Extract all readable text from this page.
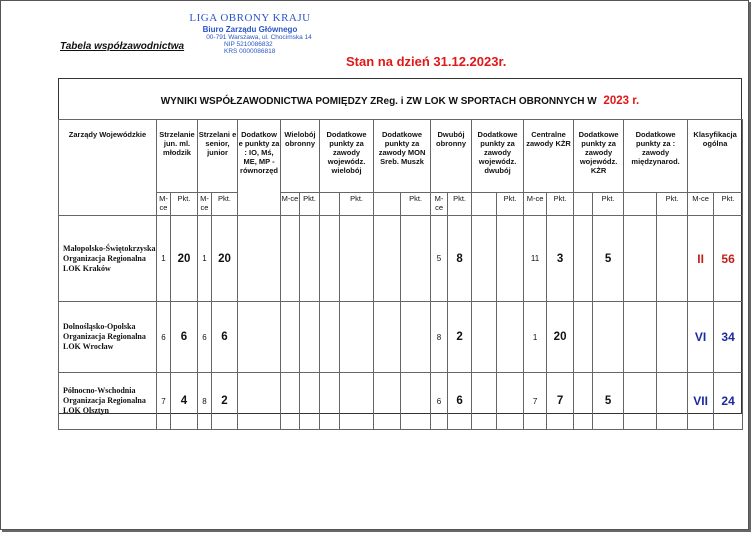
LIGA OBRONY KRAJU
Biuro Zarządu Głównego
00-791 Warszawa, ul. Chocimska 14
NIP 5210086832
KRS 0000086818
Tabela współzawodnictwa
Stan na dzień 31.12.2023r.
WYNIKI WSPÓŁZAWODNICTWA POMIĘDZY ZReg. i ZW LOK W SPORTACH OBRONNYCH W 2023 r.
Zarządy Wojewódzkie	Strzelanie jun. ml. młodzik		Strzelani e senior, junior		Dodatkow e punkty za : IO, Mś, ME, MP - równorzęd	Wielobój obronny		Dodatkowe punkty za zawody wojewódz. wielobój		Dodatkowe punkty za zawody MON Sreb. Muszk		Dwubój obronny		Dodatkowe punkty za zawody wojewódz. dwubój		Centralne zawody KŻR		Dodatkowe punkty za zawody wojewódz. KŻR		Dodatkowe punkty za : zawody międzynarod.		Klasyfikacja ogólna	
	M-ce	Pkt.	M-ce	Pkt.		M-ce	Pkt.		Pkt.		Pkt.	M-ce	Pkt.		Pkt.	M-ce	Pkt.		Pkt.		Pkt.	M-ce	Pkt.
Małopolsko-Świętokrzyska Organizacja Regionalna LOK Kraków	1	20	1	20								5	8			11	3		5			II	56
Dolnośląsko-Opolska Organizacja Regionalna LOK Wrocław	6	6	6	6								8	2			1	20					VI	34
Północno-Wschodnia Organizacja Regionalna LOK Olsztyn	7	4	8	2								6	6			7	7		5			VII	24
